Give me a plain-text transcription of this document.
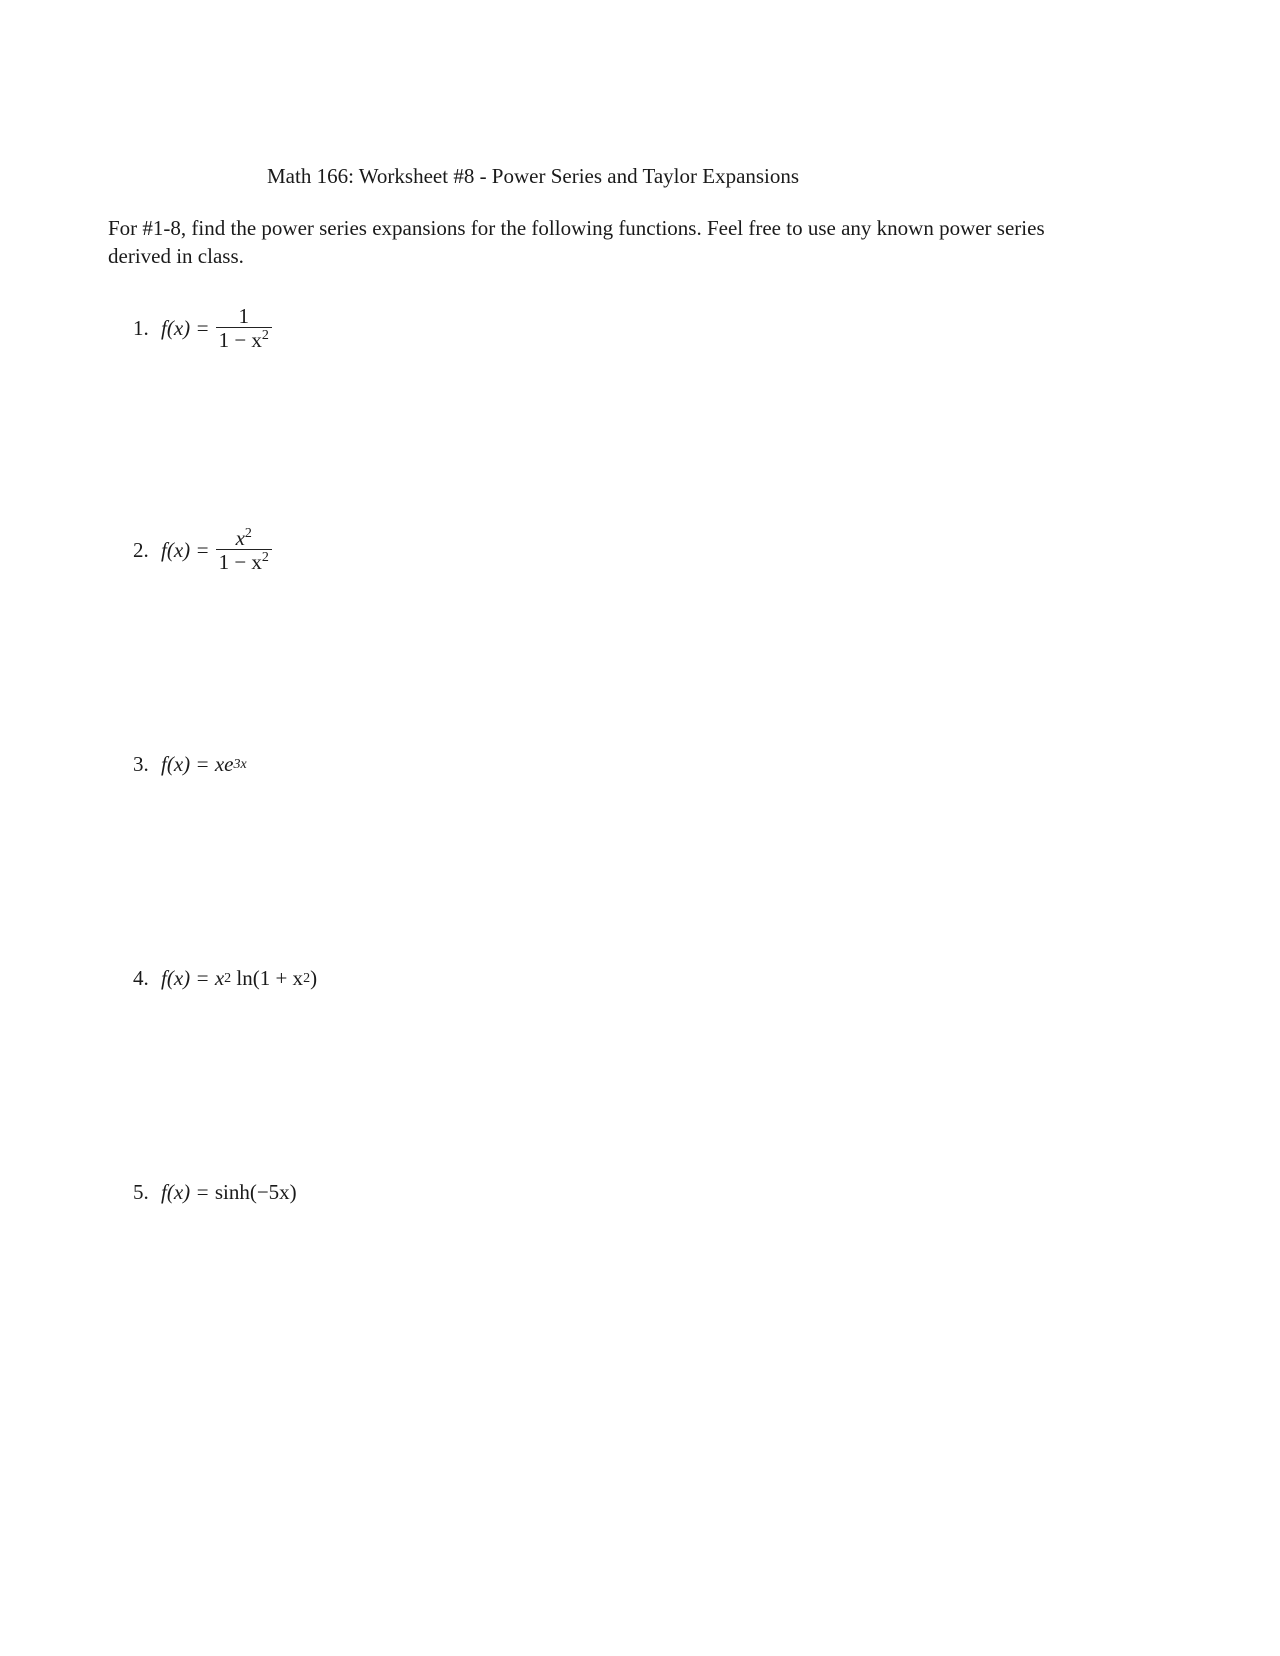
Math 166: Worksheet #8 - Power Series and Taylor Expansions
For #1-8, find the power series expansions for the following functions. Feel free to use any known power series derived in class.
1. $f(x) = \frac{1}{1 - x^2}$
2. $f(x) = \frac{x^2}{1 - x^2}$
3. f(x) =
xe 3x
4. f(x) =
x 2
ln(1 + x 2 )
5. f(x) =
sinh(−5x)
